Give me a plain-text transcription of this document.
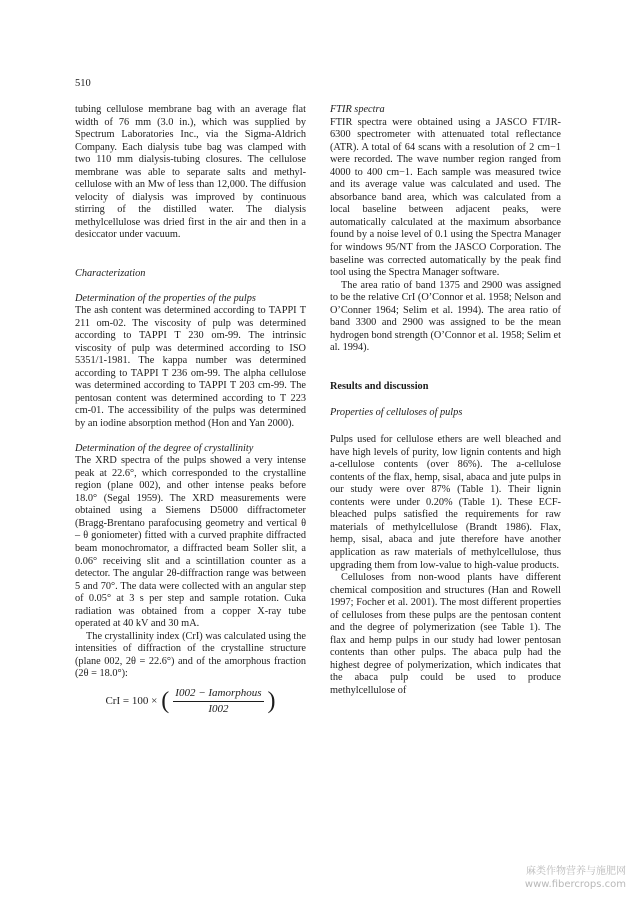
510

tubing cellulose membrane bag with an average flat width of 76 mm (3.0 in.), which was supplied by Spectrum Laboratories Inc., via the Sigma-Aldrich Company. Each dialysis tube bag was clamped with two 110 mm dialysis-tubing closures. The cellulose membrane was able to separate salts and methylcellulose with an Mw of less than 12,000. The diffusion velocity of dialysis was improved by continuous stirring of the distilled water. The dialysis methylcellulose was dried first in the air and then in a desiccator under vacuum.

Characterization

Determination of the properties of the pulps

The ash content was determined according to TAPPI T 211 om-02. The viscosity of pulp was determined according to TAPPI T 230 om-99. The intrinsic viscosity of pulp was determined according to ISO 5351/1-1981. The kappa number was determined according to TAPPI T 236 om-99. The alpha cellulose was determined according to TAPPI T 203 cm-99. The pentosan content was determined according to T 223 cm-01. The accessibility of the pulps was determined by an iodine absorption method (Hon and Yan 2000).

Determination of the degree of crystallinity

The XRD spectra of the pulps showed a very intense peak at 22.6°, which corresponded to the crystalline region (plane 002), and other intense peaks before 18.0° (Segal 1959). The XRD measurements were obtained using a Siemens D5000 diffractometer (Bragg-Brentano parafocusing geometry and vertical θ – θ goniometer) fitted with a curved praphite diffracted beam monochromator, a diffracted beam Soller slit, a 0.06° receiving slit and a scintillation counter as a detector. The angular 2θ-diffraction range was between 5 and 70°. The data were collected with an angular step of 0.05° at 3 s per step and sample rotation. Cuka radiation was obtained from a copper X-ray tube operated at 40 kV and 30 mA.

The crystallinity index (CrI) was calculated using the intensities of diffraction of the crystalline structure (plane 002, 2θ = 22.6°) and of the amorphous fraction (2θ = 18.0°):

CrI = 100 × ( $\frac{\text{I002 − Iamorphous}}{I002}$ )

FTIR spectra

FTIR spectra were obtained using a JASCO FT/IR-6300 spectrometer with attenuated total reflectance (ATR). A total of 64 scans with a resolution of 2 cm−1 were recorded. The wave number region ranged from 4000 to 400 cm−1. Each sample was measured twice and its average value was calculated and used. The absorbance band area, which was calculated from a local baseline between adjacent peaks, were automatically calculated at the maximum absorbance found by a noise level of 0.1 using the Spectra Manager for windows 95/NT from the JASCO Corporation. The baseline was corrected automatically by the peak find tool using the Spectra Manager software.

The area ratio of band 1375 and 2900 was assigned to be the relative CrI (O’Connor et al. 1958; Nelson and O’Conner 1964; Selim et al. 1994). The area ratio of band 3300 and 2900 was assigned to be the mean hydrogen bond strength (O’Connor et al. 1958; Selim et al. 1994).

Results and discussion

Properties of celluloses of pulps

Pulps used for cellulose ethers are well bleached and have high levels of purity, low lignin contents and high a-cellulose contents (over 86%). The a-cellulose contents of the flax, hemp, sisal, abaca and jute pulps in our study were over 87% (Table 1). Their lignin contents were under 0.20% (Table 1). These ECF-bleached pulps satisfied the requirements for raw materials of methylcellulose (Brandt 1986). Flax, hemp, sisal, abaca and jute therefore have another application as raw materials of methylcellulose, thus upgrading them from low-value to high-value products.

Celluloses from non-wood plants have different chemical composition and structures (Han and Rowell 1997; Focher et al. 2001). The most different properties of celluloses from these pulps are the pentosan content and the degree of polymerization (see Table 1). The flax and hemp pulps in our study had lower pentosan contents than other pulps. The abaca pulp had the highest degree of polymerization, which indicates that the abaca pulp could be used to produce methylcellulose of

麻类作物营养与施肥网
www.fibercrops.com
